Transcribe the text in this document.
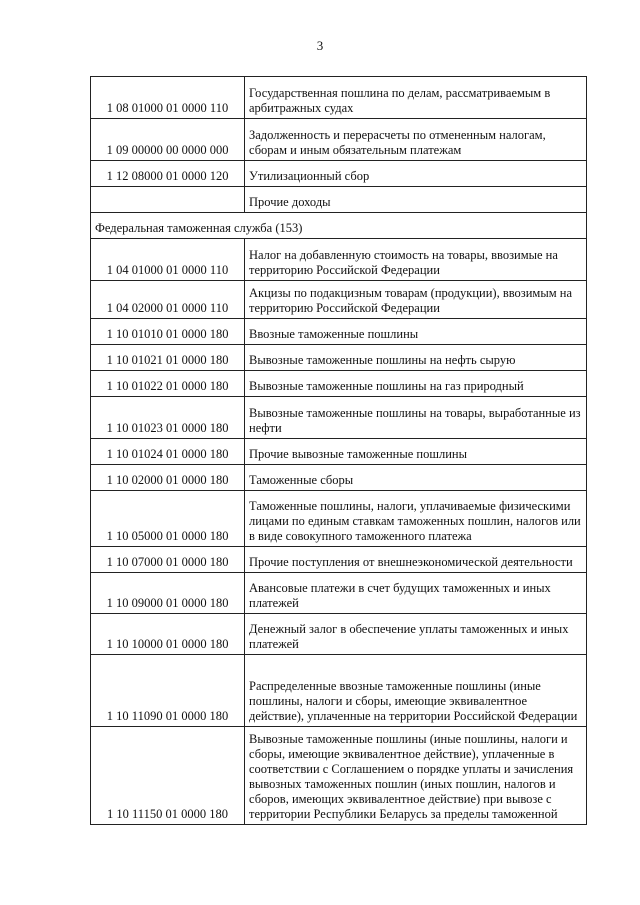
3
1 08 01000 01 0000 110	Государственная пошлина по делам, рассматриваемым в арбитражных судах
1 09 00000 00 0000 000	Задолженность и перерасчеты по отмененным налогам, сборам и иным обязательным платежам
1 12 08000 01 0000 120	Утилизационный сбор
	Прочие доходы
Федеральная таможенная служба (153)	
1 04 01000 01 0000 110	Налог на добавленную стоимость на товары, ввозимые на территорию Российской Федерации
1 04 02000 01 0000 110	Акцизы по подакцизным товарам (продукции), ввозимым на территорию Российской Федерации
1 10 01010 01 0000 180	Ввозные таможенные пошлины
1 10 01021 01 0000 180	Вывозные таможенные пошлины на нефть сырую
1 10 01022 01 0000 180	Вывозные таможенные пошлины на газ природный
1 10 01023 01 0000 180	Вывозные таможенные пошлины на товары, выработанные из нефти
1 10 01024 01 0000 180	Прочие вывозные таможенные пошлины
1 10 02000 01 0000 180	Таможенные сборы
1 10 05000 01 0000 180	Таможенные пошлины, налоги, уплачиваемые физическими лицами по единым ставкам таможенных пошлин, налогов или в виде совокупного таможенного платежа
1 10 07000 01 0000 180	Прочие поступления от внешнеэкономической деятельности
1 10 09000 01 0000 180	Авансовые платежи в счет будущих таможенных и иных платежей
1 10 10000 01 0000 180	Денежный залог в обеспечение уплаты таможенных и иных платежей
1 10 11090 01 0000 180	Распределенные ввозные таможенные пошлины (иные пошлины, налоги и сборы, имеющие эквивалентное действие), уплаченные на территории Российской Федерации
1 10 11150 01 0000 180	Вывозные таможенные пошлины (иные пошлины, налоги и сборы, имеющие эквивалентное действие), уплаченные в соответствии с Соглашением о порядке уплаты и зачисления вывозных таможенных пошлин (иных пошлин, налогов и сборов, имеющих эквивалентное действие) при вывозе с территории Республики Беларусь за пределы таможенной
